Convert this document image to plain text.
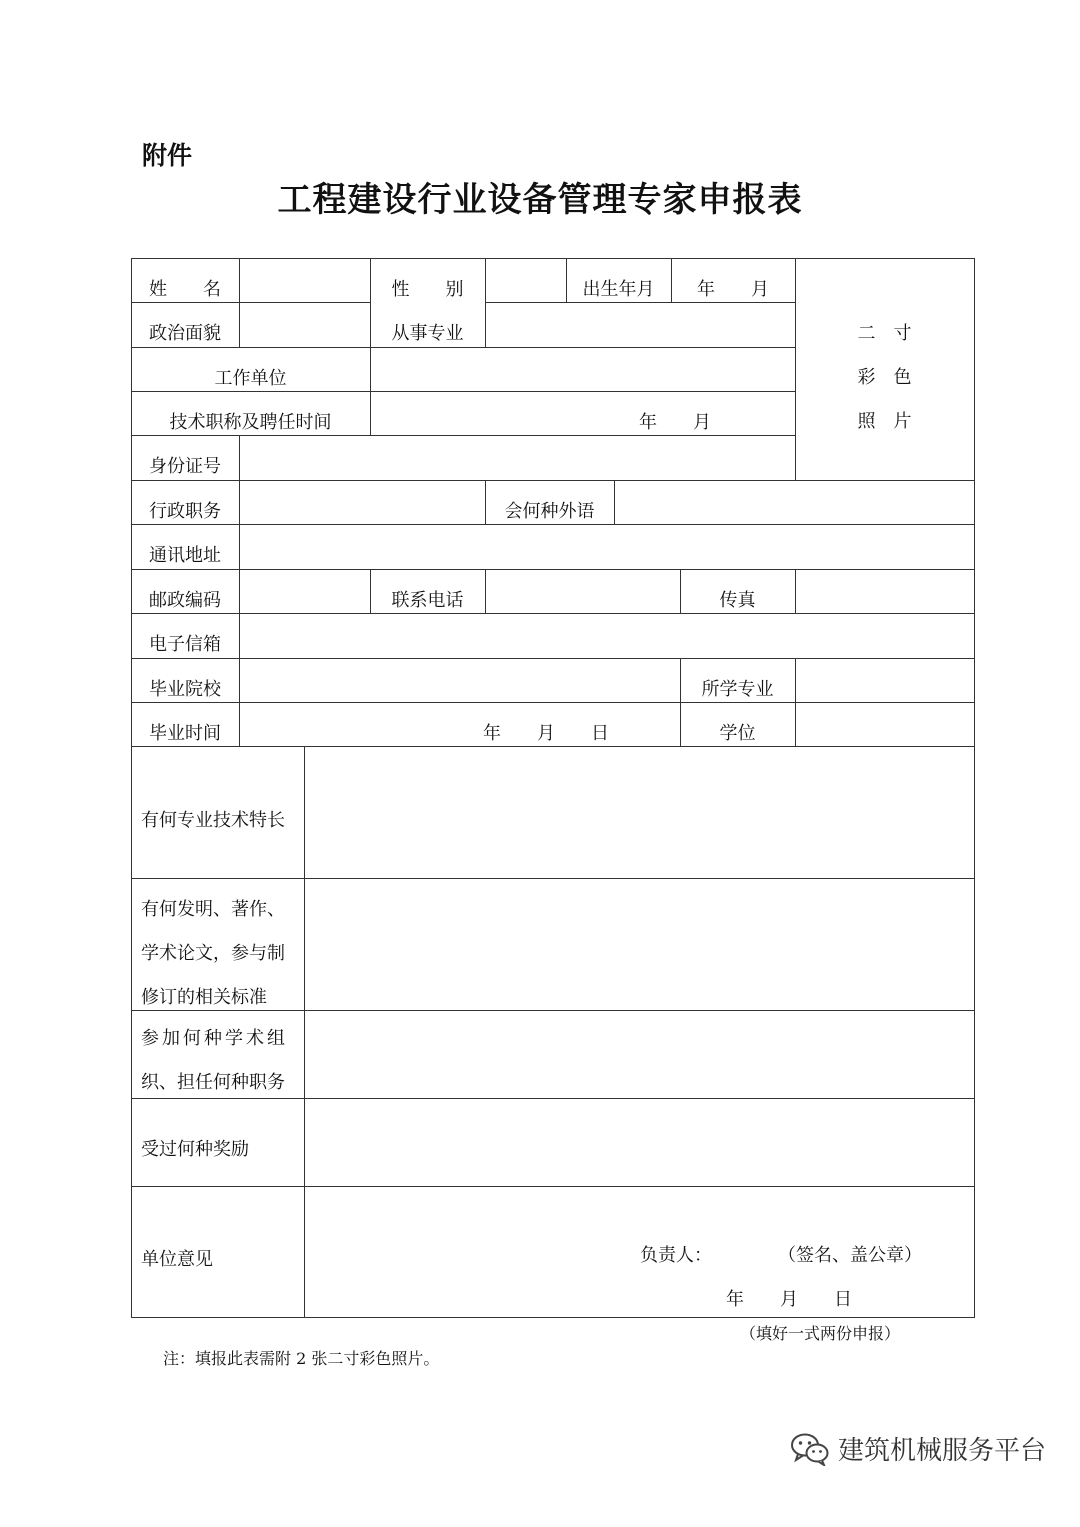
附件
工程建设行业设备管理专家申报表
姓　　名	性　　别	出生年月	年　　月
二　寸
彩　色
照　片
政治面貌	从事专业
工作单位
技术职称及聘任时间	年　　月
身份证号
行政职务	会何种外语
通讯地址
邮政编码	联系电话	传真
电子信箱
毕业院校	所学专业
毕业时间	年　　月　　日	学位
有何专业技术特长
有何发明、著作、
学术论文，参与制
修订的相关标准
参加何种学术组
织、担任何种职务
受过何种奖励
单位意见	负责人：	（签名、盖公章）
年　　月　　日
（填好一式两份申报）
注：填报此表需附 2 张二寸彩色照片。
建筑机械服务平台
